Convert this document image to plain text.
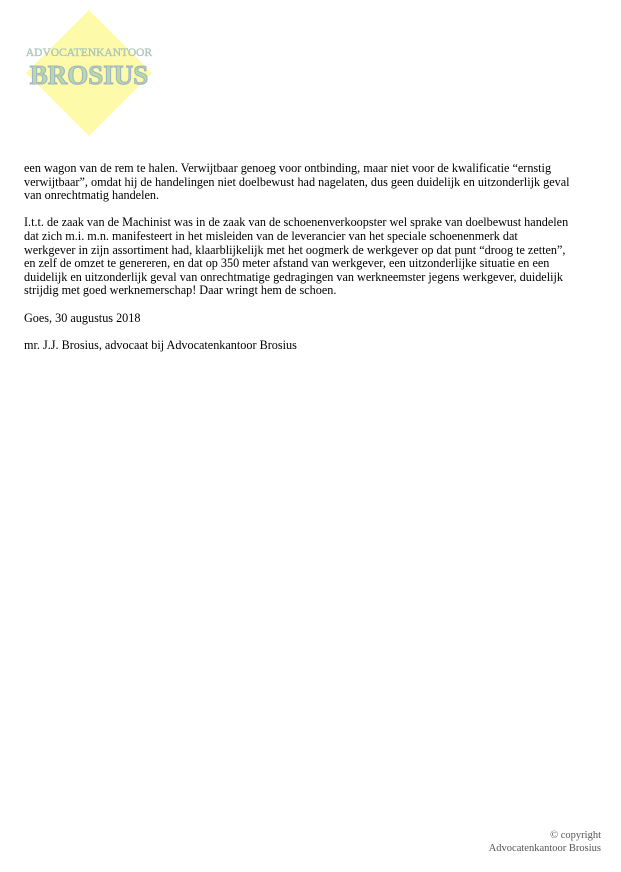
ADVOCATENKANTOOR
BROSIUS

een wagon van de rem te halen. Verwijtbaar genoeg voor ontbinding, maar niet voor de kwalificatie “ernstig
verwijtbaar”, omdat hij de handelingen niet doelbewust had nagelaten, dus geen duidelijk en uitzonderlijk geval
van onrechtmatig handelen.

I.t.t. de zaak van de Machinist was in de zaak van de schoenenverkoopster wel sprake van doelbewust handelen
dat zich m.i. m.n. manifesteert in het misleiden van de leverancier van het speciale schoenenmerk dat
werkgever in zijn assortiment had, klaarblijkelijk met het oogmerk de werkgever op dat punt “droog te zetten”,
en zelf de omzet te genereren, en dat op 350 meter afstand van werkgever, een uitzonderlijke situatie en een
duidelijk en uitzonderlijk geval van onrechtmatige gedragingen van werkneemster jegens werkgever, duidelijk
strijdig met goed werknemerschap! Daar wringt hem de schoen.

Goes, 30 augustus 2018

mr. J.J. Brosius, advocaat bij Advocatenkantoor Brosius

© copyright
Advocatenkantoor Brosius
